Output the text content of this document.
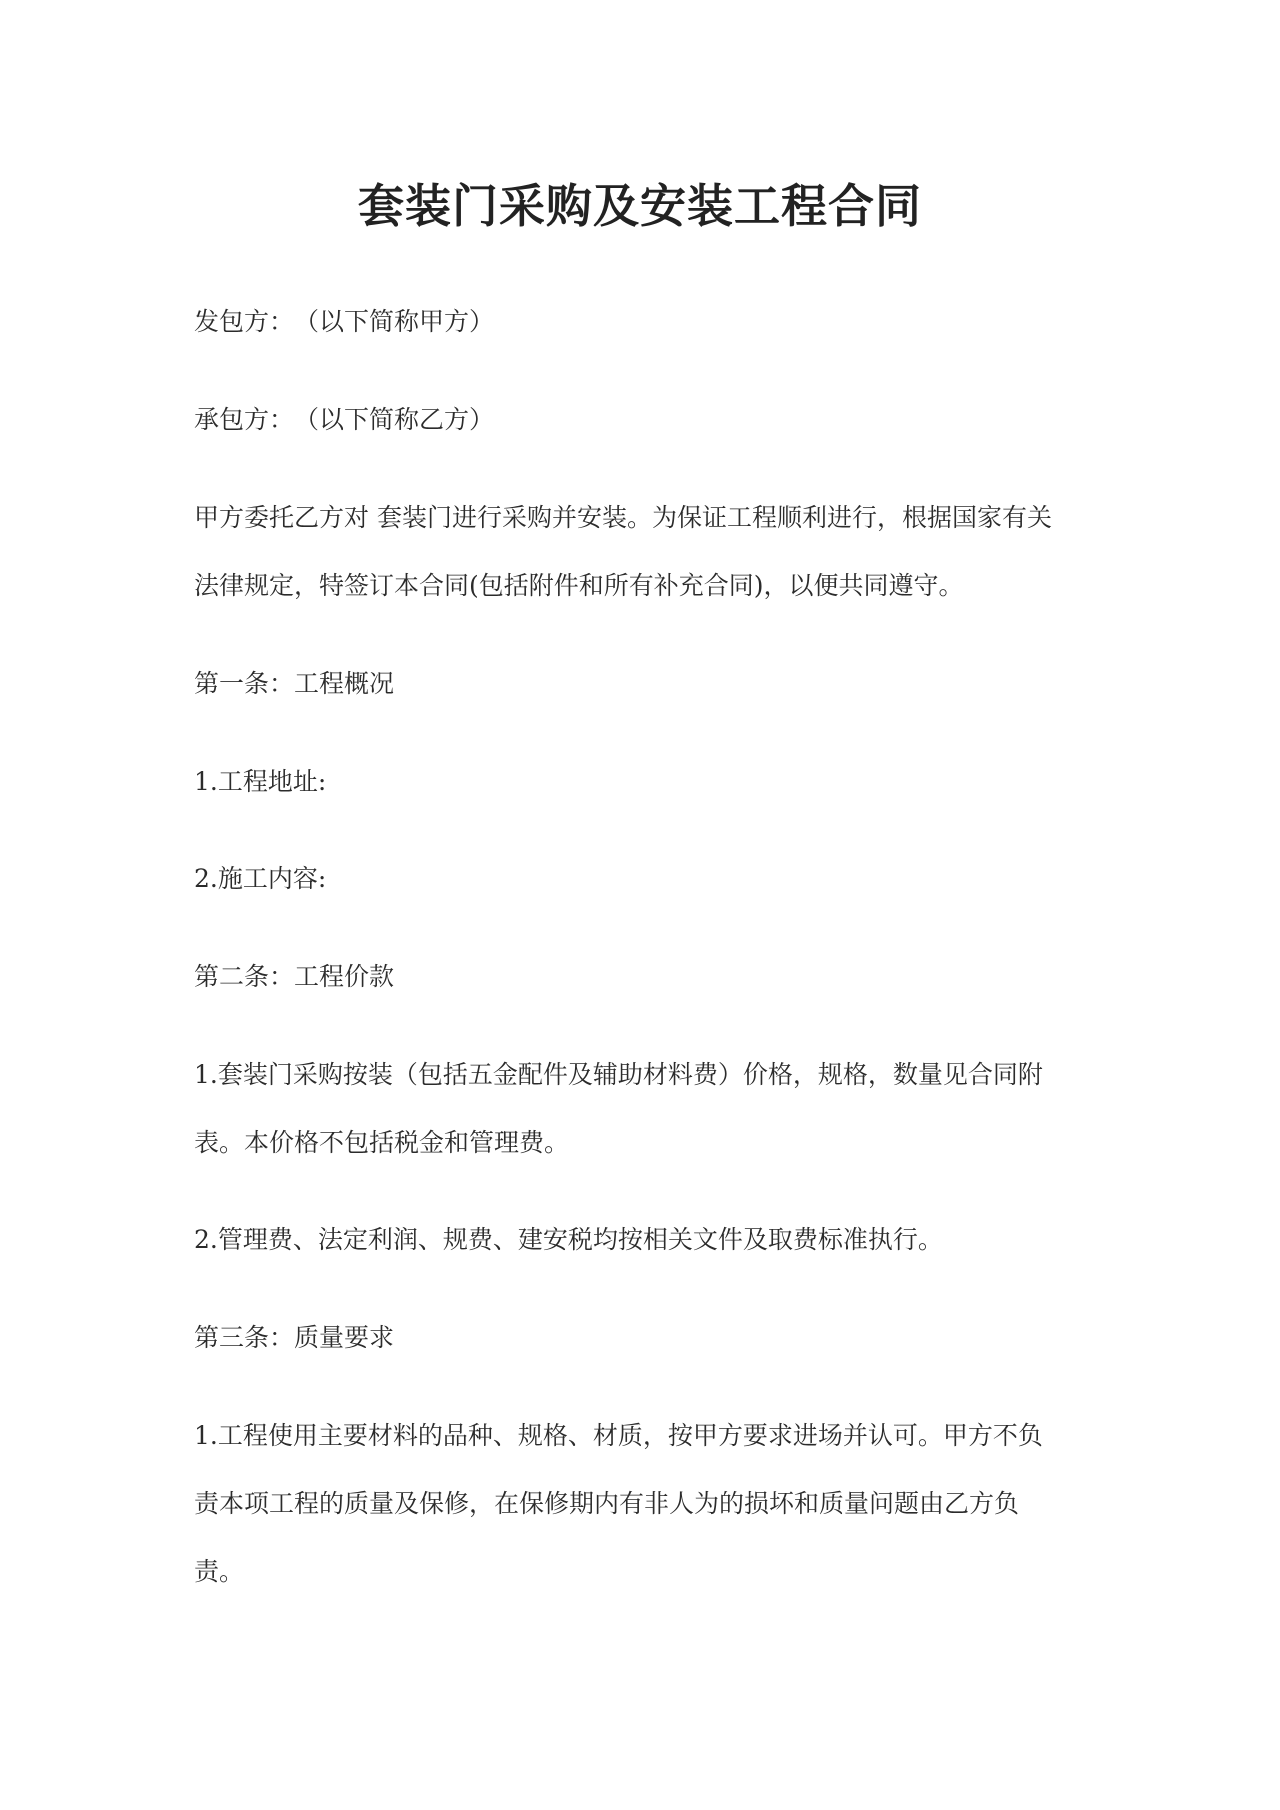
套装门采购及安装工程合同

发包方：　（以下简称甲方）

承包方：　（以下简称乙方）

甲方委托乙方对 套装门进行采购并安装。为保证工程顺利进行，根据国家有关
法律规定，特签订本合同(包括附件和所有补充合同)，以便共同遵守。

第一条：工程概况

1.工程地址:

2.施工内容:

第二条：工程价款

1.套装门采购按装（包括五金配件及辅助材料费）价格，规格，数量见合同附
表。本价格不包括税金和管理费。

2.管理费、法定利润、规费、建安税均按相关文件及取费标准执行。

第三条：质量要求

1.工程使用主要材料的品种、规格、材质，按甲方要求进场并认可。甲方不负
责本项工程的质量及保修，在保修期内有非人为的损坏和质量问题由乙方负
责。
